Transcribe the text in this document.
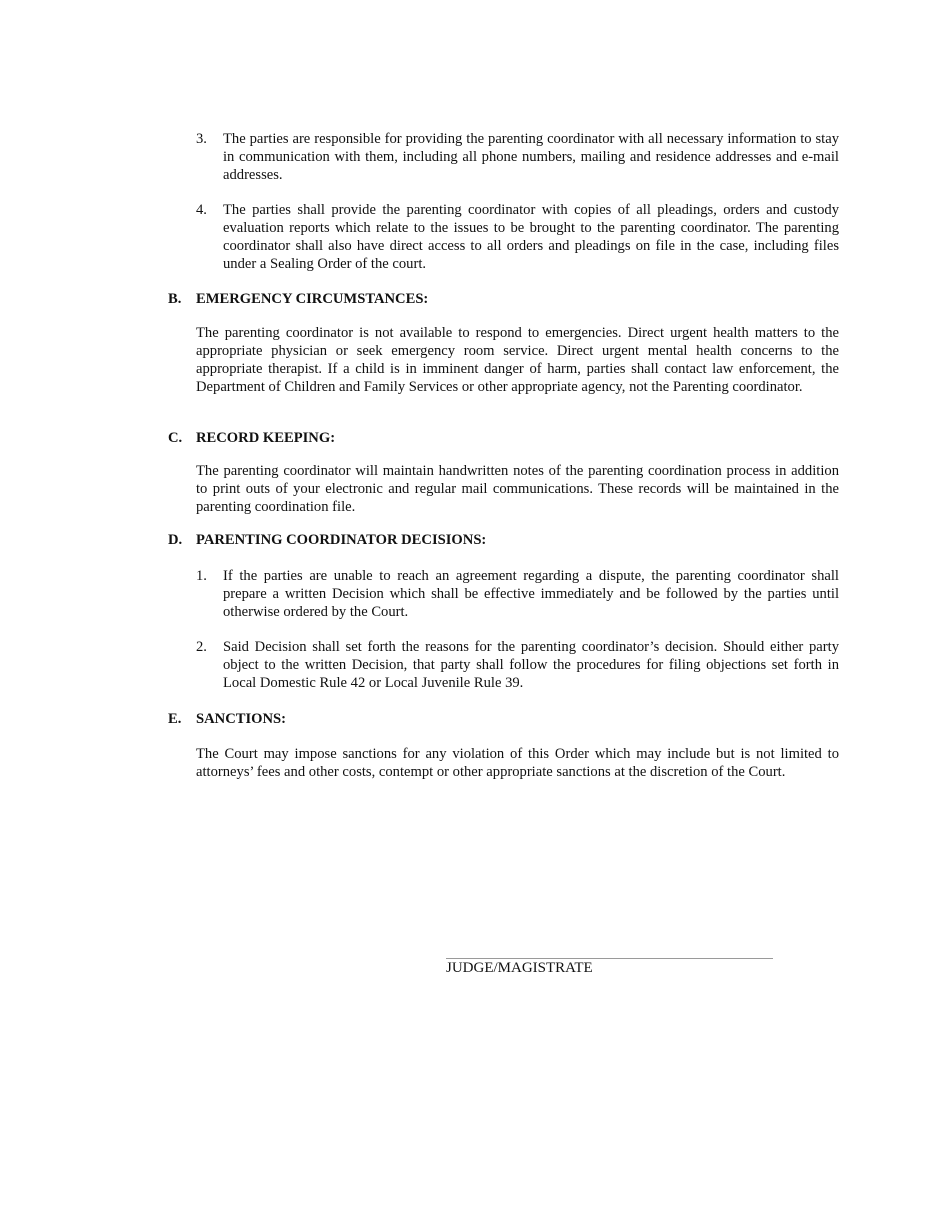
3.	The parties are responsible for providing the parenting coordinator with all necessary information to stay in communication with them, including all phone numbers, mailing and residence addresses and e-mail addresses.
4.	The parties shall provide the parenting coordinator with copies of all pleadings, orders and custody evaluation reports which relate to the issues to be brought to the parenting coordinator. The parenting coordinator shall also have direct access to all orders and pleadings on file in the case, including files under a Sealing Order of the court.
B.	EMERGENCY CIRCUMSTANCES:
The parenting coordinator is not available to respond to emergencies. Direct urgent health matters to the appropriate physician or seek emergency room service. Direct urgent mental health concerns to the appropriate therapist. If a child is in imminent danger of harm, parties shall contact law enforcement, the Department of Children and Family Services or other appropriate agency, not the Parenting coordinator.
C. RECORD KEEPING:
The parenting coordinator will maintain handwritten notes of the parenting coordination process in addition to print outs of your electronic and regular mail communications. These records will be maintained in the parenting coordination file.
D. PARENTING COORDINATOR DECISIONS:
1.	If the parties are unable to reach an agreement regarding a dispute, the parenting coordinator shall prepare a written Decision which shall be effective immediately and be followed by the parties until otherwise ordered by the Court.
2.	Said Decision shall set forth the reasons for the parenting coordinator’s decision. Should either party object to the written Decision, that party shall follow the procedures for filing objections set forth in Local Domestic Rule 42 or Local Juvenile Rule 39.
E.	SANCTIONS:
The Court may impose sanctions for any violation of this Order which may include but is not limited to attorneys’ fees and other costs, contempt or other appropriate sanctions at the discretion of the Court.
JUDGE/MAGISTRATE
